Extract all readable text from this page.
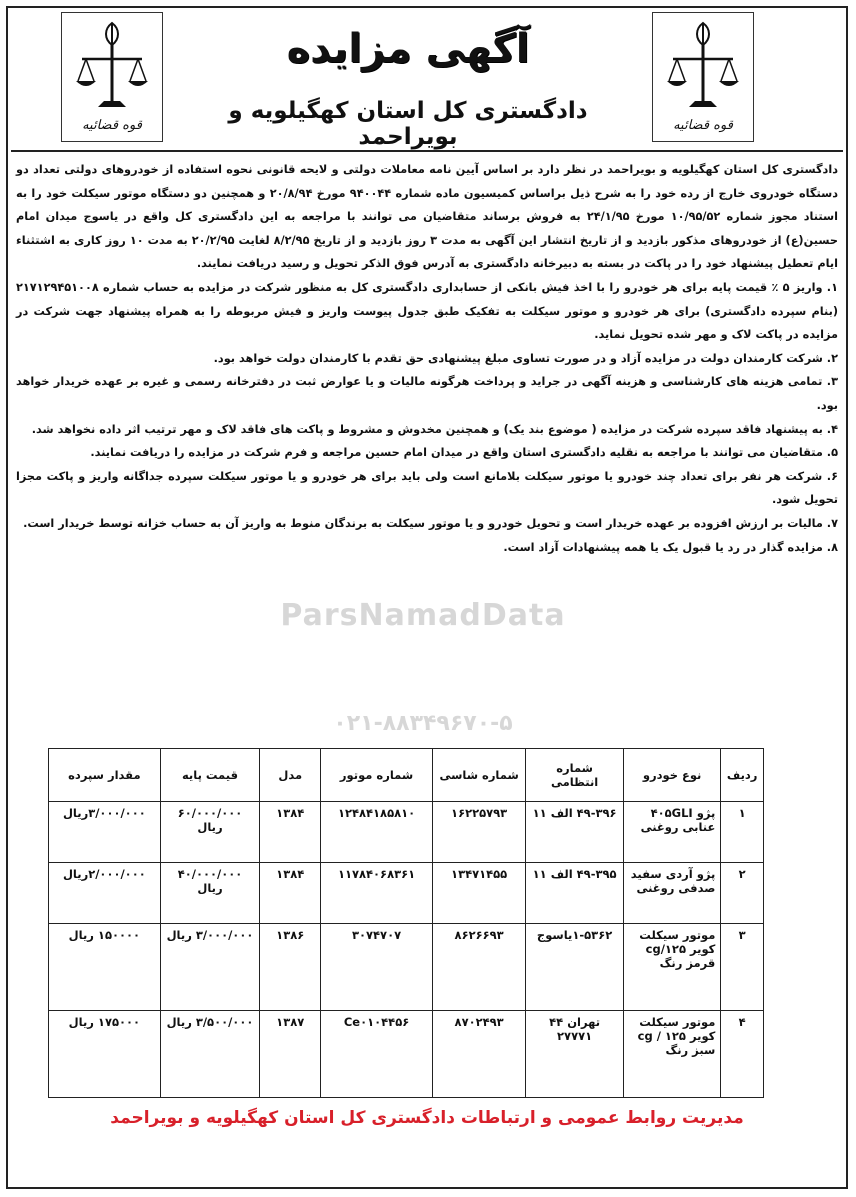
قوه قضائیه	قوه قضائیه
آگهی مزایده
دادگستری کل استان کهگیلویه و بویراحمد
ParsNamadData
۰۲۱-۸۸۳۴۹۶۷۰-۵

دادگستری کل استان کهگیلویه و بویراحمد در نظر دارد بر اساس آیین نامه معاملات دولتی و لایحه قانونی نحوه استفاده از خودروهای دولتی تعداد دو دستگاه خودروی خارج از رده خود را به شرح ذیل براساس کمیسیون ماده شماره ۹۴۰۰۴۴ مورخ ۲۰/۸/۹۴ و همچنین دو دستگاه موتور سیکلت خود را به استناد مجوز شماره ۱۰/۹۵/۵۲ مورخ ۲۴/۱/۹۵ به فروش برساند متقاضیان می توانند با مراجعه به این دادگستری کل واقع در یاسوج میدان امام حسین(ع) از خودروهای مذکور بازدید و از تاریخ انتشار این آگهی به مدت ۳ روز بازدید و از تاریخ ۸/۲/۹۵ لغایت ۲۰/۲/۹۵ به مدت ۱۰ روز کاری به اشتثناء ایام تعطیل پیشنهاد خود را در پاکت در بسته به دبیرخانه دادگستری به آدرس فوق الذکر تحویل و رسید دریافت نمایند.

۱. واریز ۵ ٪ قیمت پایه برای هر خودرو را با اخذ فیش بانکی از حسابداری دادگستری کل به منظور شرکت در مزایده به حساب شماره ۲۱۷۱۲۹۴۵۱۰۰۸ (بنام سپرده دادگستری) برای هر خودرو و موتور سیکلت به تفکیک طبق جدول پیوست واریز و فیش مربوطه را به همراه پیشنهاد جهت شرکت در مزایده در پاکت لاک و مهر شده تحویل نماید.

۲. شرکت کارمندان دولت در مزایده آزاد و در صورت تساوی مبلغ پیشنهادی حق تقدم با کارمندان دولت خواهد بود.

۳. تمامی هزینه های کارشناسی و هزینه آگهی در جراید و پرداخت هرگونه مالیات و یا عوارض ثبت در دفترخانه رسمی و غیره بر عهده خریدار خواهد بود.

۴. به پیشنهاد فاقد سپرده شرکت در مزایده ( موضوع بند یک) و همچنین مخدوش و مشروط و پاکت های فاقد لاک و مهر ترتیب اثر داده نخواهد شد.

۵. متقاضیان می توانند با مراجعه به نقلیه دادگستری استان واقع در میدان امام حسین مراجعه و فرم شرکت در مزایده را دریافت نمایند.

۶. شرکت هر نفر برای تعداد چند خودرو یا موتور سیکلت بلامانع است ولی باید برای هر خودرو و یا موتور سیکلت سپرده جداگانه واریز و پاکت مجزا تحویل شود.

۷. مالیات بر ارزش افزوده بر عهده خریدار است و تحویل خودرو و یا موتور سیکلت به برندگان منوط به واریز آن به حساب خزانه توسط خریدار است.

۸. مزایده گذار در رد یا قبول یک یا همه پیشنهادات آزاد است.

ردیف	نوع خودرو	شماره انتظامی	شماره شاسی	شماره موتور	مدل	قیمت پایه	مقدار سپرده
۱	پژو ۴۰۵GLI عنابی روغنی	۴۹-۳۹۶ الف ۱۱	۱۶۲۲۵۷۹۳	۱۲۴۸۴۱۸۵۸۱۰	۱۳۸۴	۶۰/۰۰۰/۰۰۰ ریال	۳/۰۰۰/۰۰۰ریال
۲	پژو آردی سفید صدفی روغنی	۴۹-۳۹۵ الف ۱۱	۱۳۴۷۱۴۵۵	۱۱۷۸۴۰۶۸۳۶۱	۱۳۸۴	۴۰/۰۰۰/۰۰۰ ریال	۲/۰۰۰/۰۰۰ریال
۳	موتور سیکلت کویر cg/۱۲۵ قرمز رنگ	۱-۵۳۶۲یاسوج	۸۶۲۶۶۹۳	۳۰۷۴۷۰۷	۱۳۸۶	۳/۰۰۰/۰۰۰ ریال	۱۵۰۰۰۰ ریال
۴	موتور سیکلت کویر cg / ۱۲۵ سبز رنگ	تهران ۴۴ ۲۷۷۷۱	۸۷۰۲۴۹۳	Ce۰۱۰۴۴۵۶	۱۳۸۷	۳/۵۰۰/۰۰۰ ریال	۱۷۵۰۰۰ ریال
مدیریت روابط عمومی و ارتباطات دادگستری کل استان کهگیلویه و بویراحمد
